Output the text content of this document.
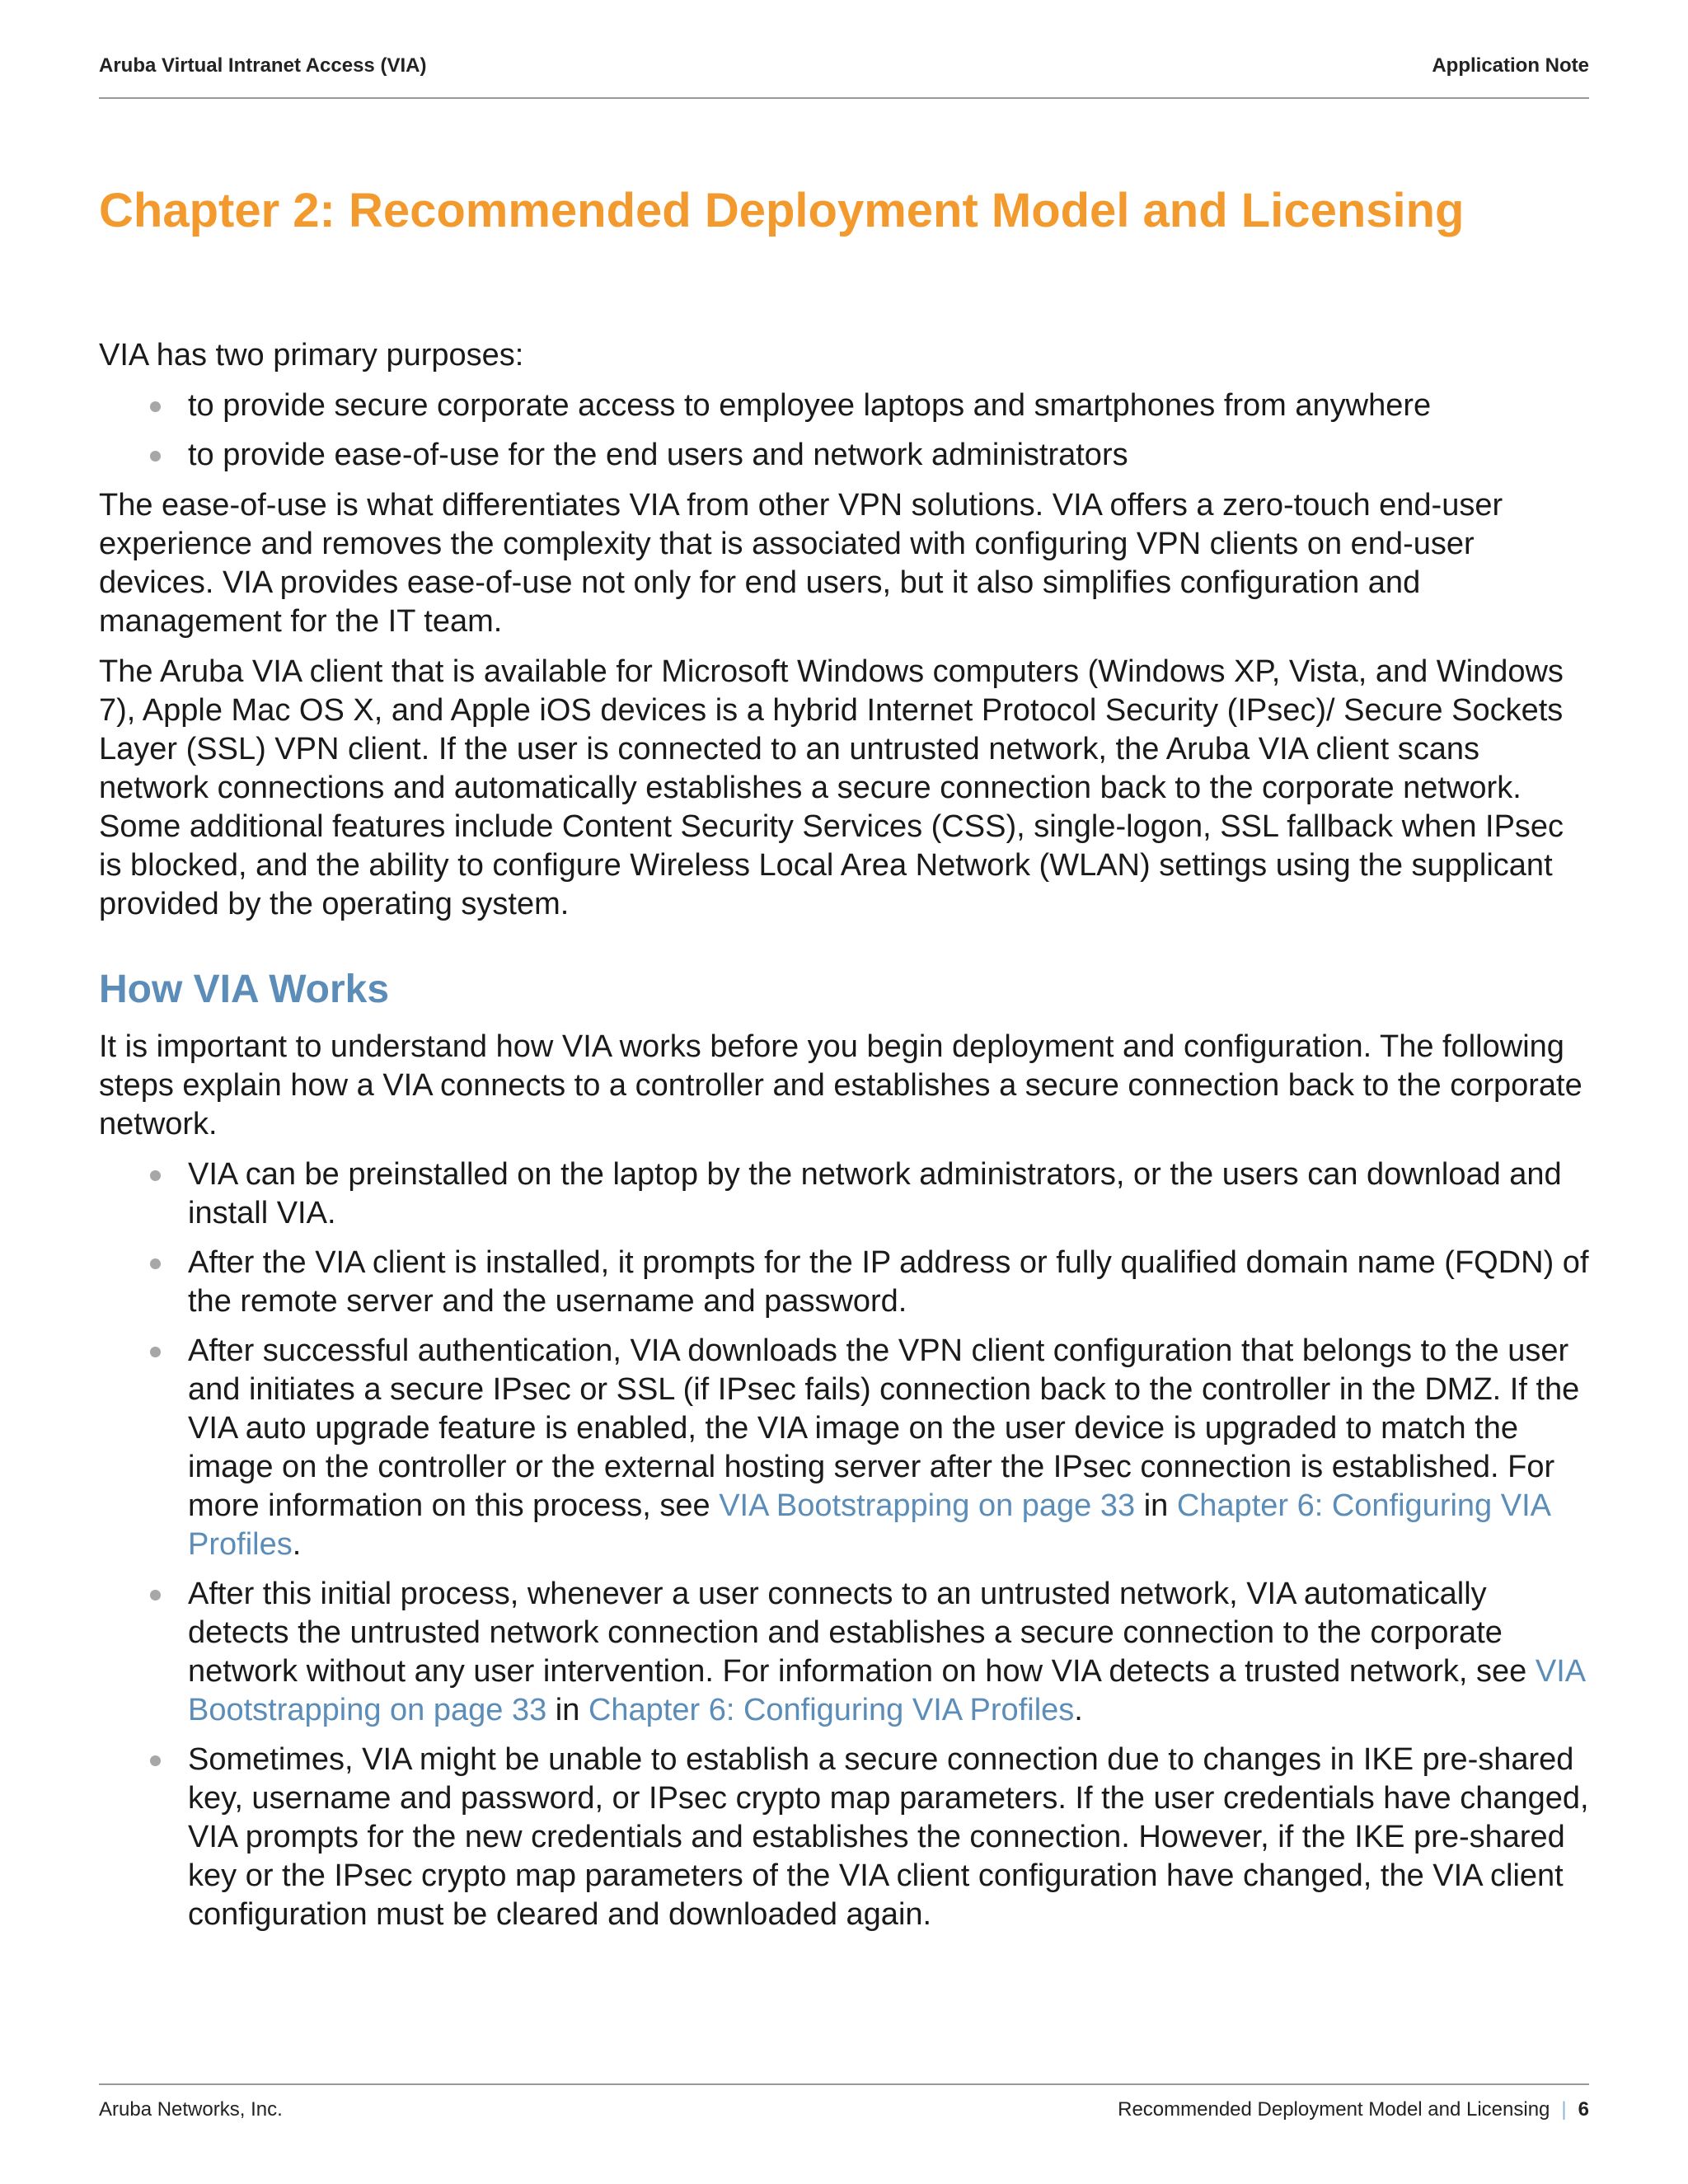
Aruba Virtual Intranet Access (VIA)	Application Note
Chapter 2: Recommended Deployment Model and Licensing

VIA has two primary purposes:

to provide secure corporate access to employee laptops and smartphones from anywhere
to provide ease-of-use for the end users and network administrators

The ease-of-use is what differentiates VIA from other VPN solutions. VIA offers a zero-touch end-user experience and removes the complexity that is associated with configuring VPN clients on end-user devices. VIA provides ease-of-use not only for end users, but it also simplifies configuration and management for the IT team.

The Aruba VIA client that is available for Microsoft Windows computers (Windows XP, Vista, and Windows 7), Apple Mac OS X, and Apple iOS devices is a hybrid Internet Protocol Security (IPsec)/ Secure Sockets Layer (SSL) VPN client. If the user is connected to an untrusted network, the Aruba VIA client scans network connections and automatically establishes a secure connection back to the corporate network. Some additional features include Content Security Services (CSS), single-logon, SSL fallback when IPsec is blocked, and the ability to configure Wireless Local Area Network (WLAN) settings using the supplicant provided by the operating system.

How VIA Works

It is important to understand how VIA works before you begin deployment and configuration. The following steps explain how a VIA connects to a controller and establishes a secure connection back to the corporate network.

VIA can be preinstalled on the laptop by the network administrators, or the users can download and install VIA.
After the VIA client is installed, it prompts for the IP address or fully qualified domain name (FQDN) of the remote server and the username and password.
After successful authentication, VIA downloads the VPN client configuration that belongs to the user and initiates a secure IPsec or SSL (if IPsec fails) connection back to the controller in the DMZ. If the VIA auto upgrade feature is enabled, the VIA image on the user device is upgraded to match the image on the controller or the external hosting server after the IPsec connection is established. For more information on this process, see VIA Bootstrapping on page 33 in Chapter 6: Configuring VIA Profiles.
After this initial process, whenever a user connects to an untrusted network, VIA automatically detects the untrusted network connection and establishes a secure connection to the corporate network without any user intervention. For information on how VIA detects a trusted network, see VIA Bootstrapping on page 33 in Chapter 6: Configuring VIA Profiles.
Sometimes, VIA might be unable to establish a secure connection due to changes in IKE pre-shared key, username and password, or IPsec crypto map parameters. If the user credentials have changed, VIA prompts for the new credentials and establishes the connection. However, if the IKE pre-shared key or the IPsec crypto map parameters of the VIA client configuration have changed, the VIA client configuration must be cleared and downloaded again.
Aruba Networks, Inc.	Recommended Deployment Model and Licensing | 6
